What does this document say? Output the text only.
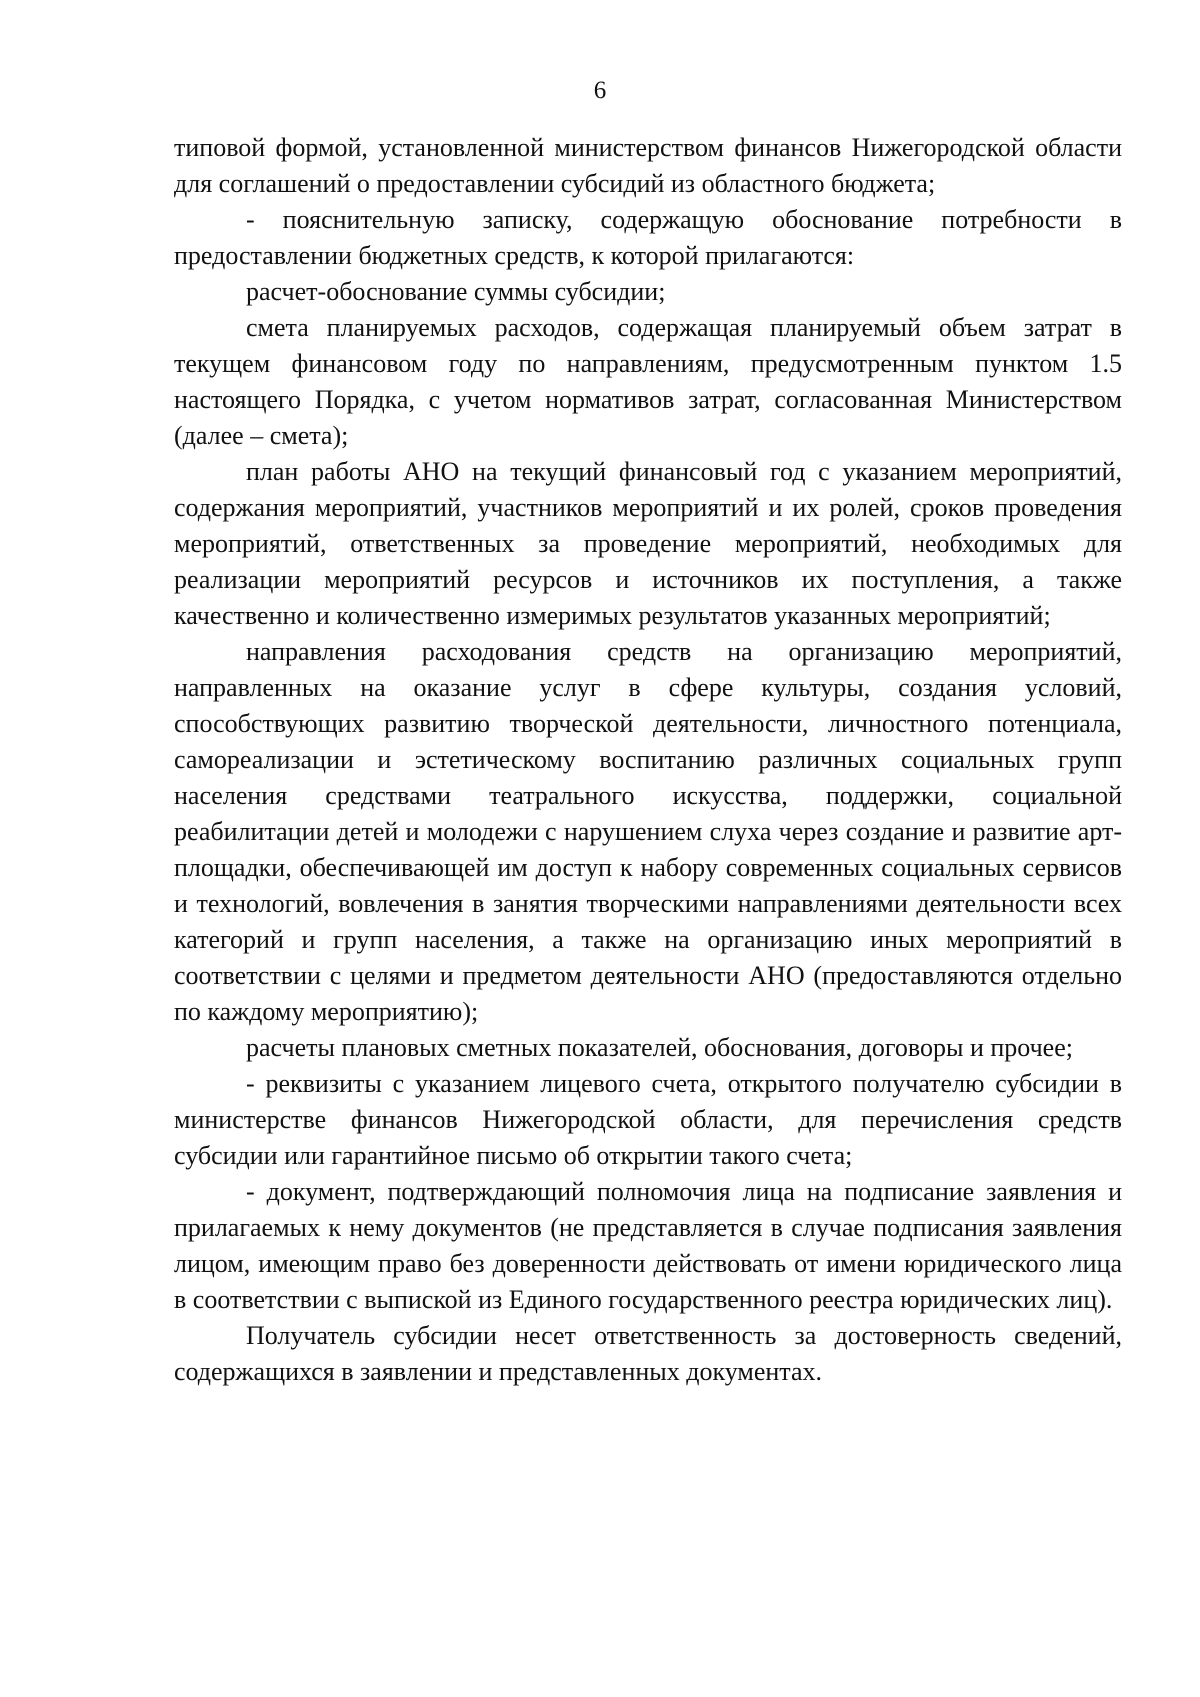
6

типовой формой, установленной министерством финансов Нижегородской области для соглашений о предоставлении субсидий из областного бюджета;

- пояснительную записку, содержащую обоснование потребности в предоставлении бюджетных средств, к которой прилагаются:

расчет-обоснование суммы субсидии;

смета планируемых расходов, содержащая планируемый объем затрат в текущем финансовом году по направлениям, предусмотренным пунктом 1.5 настоящего Порядка, с учетом нормативов затрат, согласованная Министерством (далее – смета);

план работы АНО на текущий финансовый год с указанием мероприятий, содержания мероприятий, участников мероприятий и их ролей, сроков проведения мероприятий, ответственных за проведение мероприятий, необходимых для реализации мероприятий ресурсов и источников их поступления, а также качественно и количественно измеримых результатов указанных мероприятий;

направления расходования средств на организацию мероприятий, направленных на оказание услуг в сфере культуры, создания условий, способствующих развитию творческой деятельности, личностного потенциала, самореализации и эстетическому воспитанию различных социальных групп населения средствами театрального искусства, поддержки, социальной реабилитации детей и молодежи с нарушением слуха через создание и развитие арт-площадки, обеспечивающей им доступ к набору современных социальных сервисов и технологий, вовлечения в занятия творческими направлениями деятельности всех категорий и групп населения, а также на организацию иных мероприятий в соответствии с целями и предметом деятельности АНО (предоставляются отдельно по каждому мероприятию);

расчеты плановых сметных показателей, обоснования, договоры и прочее;

- реквизиты с указанием лицевого счета, открытого получателю субсидии в министерстве финансов Нижегородской области, для перечисления средств субсидии или гарантийное письмо об открытии такого счета;

- документ, подтверждающий полномочия лица на подписание заявления и прилагаемых к нему документов (не представляется в случае подписания заявления лицом, имеющим право без доверенности действовать от имени юридического лица в соответствии с выпиской из Единого государственного реестра юридических лиц).

Получатель субсидии несет ответственность за достоверность сведений, содержащихся в заявлении и представленных документах.
